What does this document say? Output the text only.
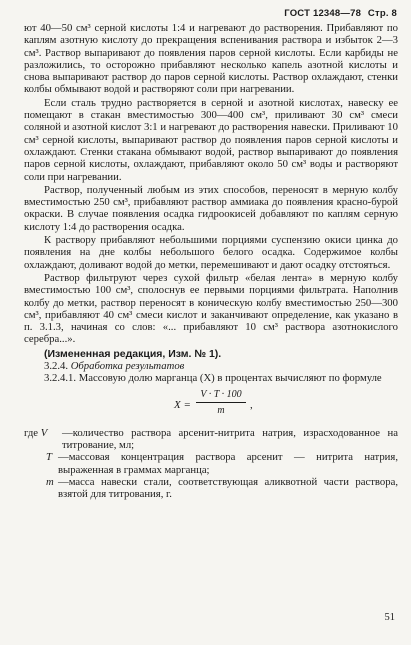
ГОСТ 12348—78 Стр. 8

ют 40—50 см³ серной кислоты 1:4 и нагревают до растворения. Прибавляют по каплям азотную кислоту до прекращения вспенивания раствора и избыток 2—3 см³. Раствор выпаривают до появления паров серной кислоты. Если карбиды не разложились, то осторожно прибавляют несколько капель азотной кислоты и снова выпаривают раствор до паров серной кислоты. Раствор охлаждают, стенки колбы обмывают водой и растворяют соли при нагревании.

Если сталь трудно растворяется в серной и азотной кислотах, навеску ее помещают в стакан вместимостью 300—400 см³, приливают 30 см³ смеси соляной и азотной кислот 3:1 и нагревают до растворения навески. Приливают 10 см³ серной кислоты, выпаривают раствор до появления паров серной кислоты и охлаждают. Стенки стакана обмывают водой, раствор выпаривают до появления паров серной кислоты, охлаждают, прибавляют около 50 см³ воды и растворяют соли при нагревании.

Раствор, полученный любым из этих способов, переносят в мерную колбу вместимостью 250 см³, прибавляют раствор аммиака до появления красно-бурой окраски. В случае появления осадка гидроокисей добавляют по каплям серную кислоту 1:4 до растворения осадка.

К раствору прибавляют небольшими порциями суспензию окиси цинка до появления на дне колбы небольшого белого осадка. Содержимое колбы охлаждают, доливают водой до метки, перемешивают и дают осадку отстояться.

Раствор фильтруют через сухой фильтр «белая лента» в мерную колбу вместимостью 100 см³, сполоснув ее первыми порциями фильтрата. Наполнив колбу до метки, раствор переносят в коническую колбу вместимостью 250—300 см³, прибавляют 40 см³ смеси кислот и заканчивают определение, как указано в п. 3.1.3, начиная со слов: «... прибавляют 10 см³ раствора азотнокислого серебра...».

(Измененная редакция, Изм. № 1).
3.2.4. Обработка результатов

3.2.4.1. Массовую долю марганца (X) в процентах вычисляют по формуле

$X = \frac{V \cdot T \cdot 100}{m}$ ,
где V	—количество раствора арсенит-нитрита натрия, израсходованное на титрование, мл;
T —массовая концентрация раствора арсенит — нитрита натрия, выраженная в граммах марганца;
m —масса навески стали, соответствующая аликвотной части раствора, взятой для титрования, г.
51
